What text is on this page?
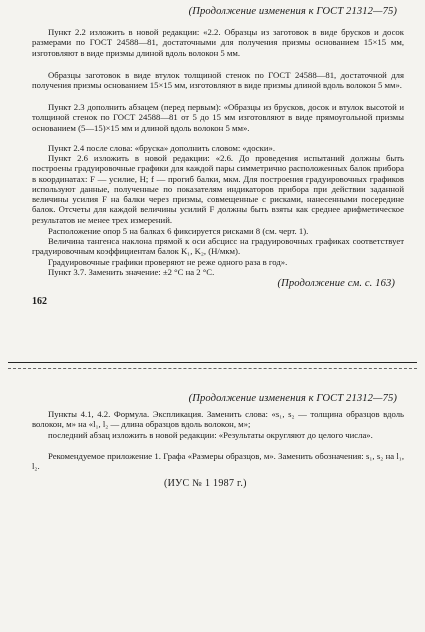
(Продолжение изменения к ГОСТ 21312—75)

Пункт 2.2 изложить в новой редакции: «2.2. Образцы из заготовок в виде брусков и досок размерами по ГОСТ 24588—81, достаточными для получения призмы основанием 15×15 мм, изготовляют в виде призмы длиной вдоль волокон 5 мм.

Образцы заготовок в виде втулок толщиной стенок по ГОСТ 24588—81, достаточной для получения призмы основанием 15×15 мм, изготовляют в виде призмы длиной вдоль волокон 5 мм».

Пункт 2.3 дополнить абзацем (перед первым): «Образцы из брусков, досок и втулок высотой и толщиной стенок по ГОСТ 24588—81 от 5 до 15 мм изготовляют в виде прямоугольной призмы основанием (5—15)×15 мм и длиной вдоль волокон 5 мм».

Пункт 2.4 после слова: «бруска» дополнить словом: «доски».

Пункт 2.6 изложить в новой редакции: «2.6. До проведения испытаний должны быть построены градуировочные графики для каждой пары симметрично расположенных балок прибора в координатах: F — усилие, Н; f — прогиб балки, мкм. Для построения градуировочных графиков используют данные, полученные по показателям индикаторов прибора при действии заданной величины усилия F на балки через призмы, совмещенные с рисками, нанесенными посередине балок. Отсчеты для каждой величины усилий F должны быть взяты как среднее арифметическое результатов не менее трех измерений.

Расположение опор 5 на балках 6 фиксируется рисками 8 (см. черт. 1).

Величина тангенса наклона прямой к оси абсцисс на градуировочных графиках соответствует градуировочным коэффициентам балок K₁, K₂, (Н/мкм).

Градуировочные графики проверяют не реже одного раза в год».

Пункт 3.7. Заменить значение: ±2 °С на 2 °С.

(Продолжение см. с. 163)
162
(Продолжение изменения к ГОСТ 21312—75)

Пункты 4.1, 4.2. Формула. Экспликация. Заменить слова: «s₁, s₂ — толщина образцов вдоль волокон, м» на «l₁, l₂ — длина образцов вдоль волокон, м»;

последний абзац изложить в новой редакции: «Результаты округляют до целого числа».

Рекомендуемое приложение 1. Графа «Размеры образцов, м». Заменить обозначения: s₁, s₂ на l₁, l₂.

(ИУС № 1 1987 г.)
